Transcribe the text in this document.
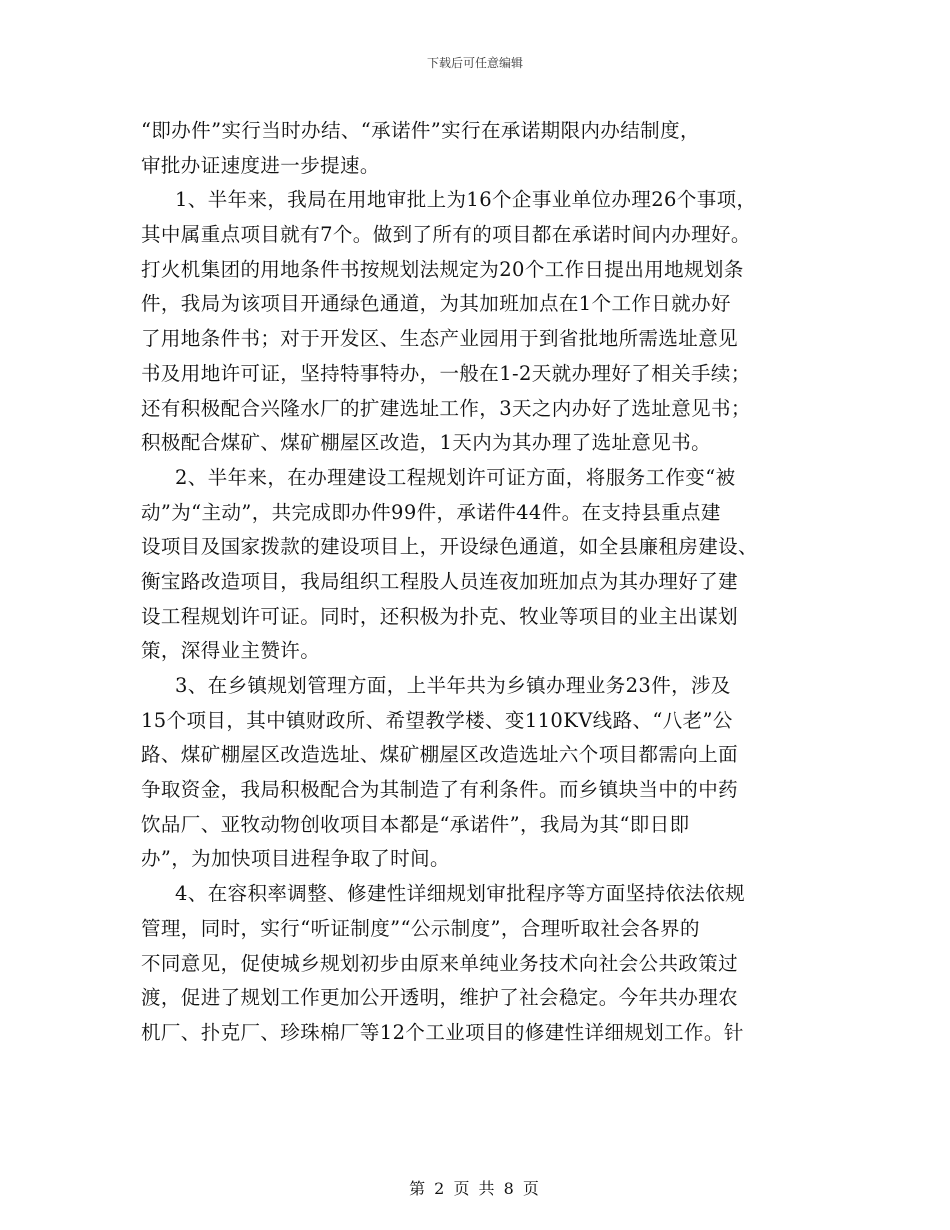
下载后可任意编辑
“即办件”实行当时办结、“承诺件”实行在承诺期限内办结制度，
审批办证速度进一步提速。
1、半年来，我局在用地审批上为16个企事业单位办理26个事项，
其中属重点项目就有7个。做到了所有的项目都在承诺时间内办理好。
打火机集团的用地条件书按规划法规定为20个工作日提出用地规划条
件，我局为该项目开通绿色通道，为其加班加点在1个工作日就办好
了用地条件书；对于开发区、生态产业园用于到省批地所需选址意见
书及用地许可证，坚持特事特办，一般在1-2天就办理好了相关手续；
还有积极配合兴隆水厂的扩建选址工作，3天之内办好了选址意见书；
积极配合煤矿、煤矿棚屋区改造，1天内为其办理了选址意见书。
2、半年来，在办理建设工程规划许可证方面，将服务工作变“被
动”为“主动”，共完成即办件99件，承诺件44件。在支持县重点建
设项目及国家拨款的建设项目上，开设绿色通道，如全县廉租房建设、
衡宝路改造项目，我局组织工程股人员连夜加班加点为其办理好了建
设工程规划许可证。同时，还积极为扑克、牧业等项目的业主出谋划
策，深得业主赞许。
3、在乡镇规划管理方面，上半年共为乡镇办理业务23件，涉及
15个项目，其中镇财政所、希望教学楼、变110KV线路、“八老”公
路、煤矿棚屋区改造选址、煤矿棚屋区改造选址六个项目都需向上面
争取资金，我局积极配合为其制造了有利条件。而乡镇块当中的中药
饮品厂、亚牧动物创收项目本都是“承诺件”，我局为其“即日即
办”，为加快项目进程争取了时间。
4、在容积率调整、修建性详细规划审批程序等方面坚持依法依规
管理，同时，实行“听证制度”“公示制度”，合理听取社会各界的
不同意见，促使城乡规划初步由原来单纯业务技术向社会公共政策过
渡，促进了规划工作更加公开透明，维护了社会稳定。今年共办理农
机厂、扑克厂、珍珠棉厂等12个工业项目的修建性详细规划工作。针
第 2 页 共 8 页
